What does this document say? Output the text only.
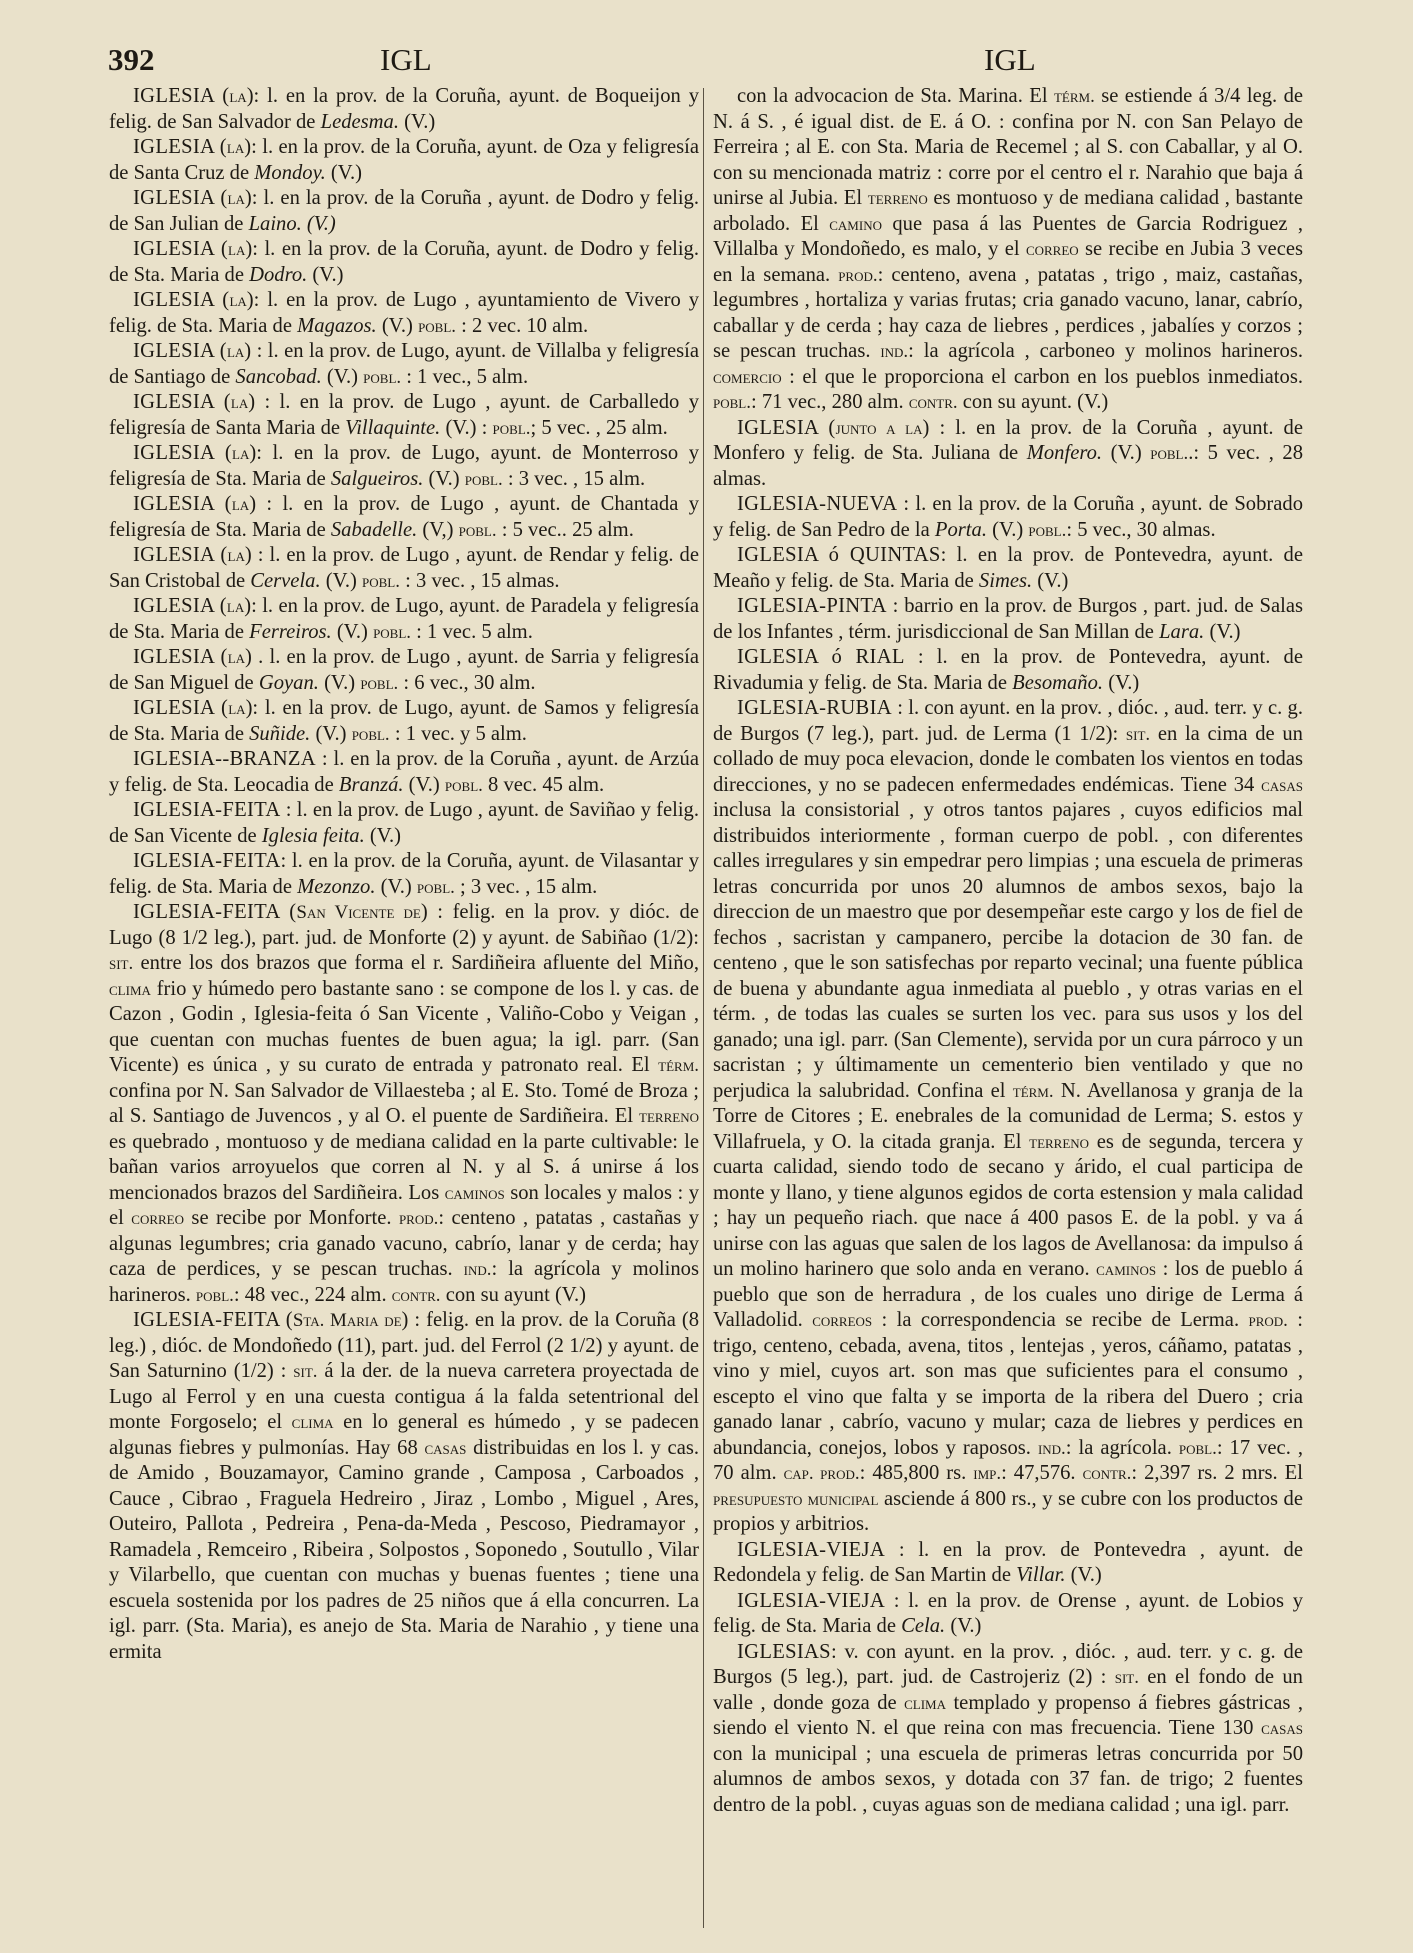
392	IGL	IGL

IGLESIA (la): l. en la prov. de la Coruña, ayunt. de Boqueijon y felig. de San Salvador de Ledesma. (V.)

IGLESIA (la): l. en la prov. de la Coruña, ayunt. de Oza y feligresía de Santa Cruz de Mondoy. (V.)

IGLESIA (la): l. en la prov. de la Coruña , ayunt. de Dodro y felig. de San Julian de Laino. (V.)

IGLESIA (la): l. en la prov. de la Coruña, ayunt. de Dodro y felig. de Sta. Maria de Dodro. (V.)

IGLESIA (la): l. en la prov. de Lugo , ayuntamiento de Vivero y felig. de Sta. Maria de Magazos. (V.) pobl. : 2 vec. 10 alm.

IGLESIA (la) : l. en la prov. de Lugo, ayunt. de Villalba y feligresía de Santiago de Sancobad. (V.) pobl. : 1 vec., 5 alm.

IGLESIA (la) : l. en la prov. de Lugo , ayunt. de Carballedo y feligresía de Santa Maria de Villaquinte. (V.) : pobl.; 5 vec. , 25 alm.

IGLESIA (la): l. en la prov. de Lugo, ayunt. de Monterroso y feligresía de Sta. Maria de Salgueiros. (V.) pobl. : 3 vec. , 15 alm.

IGLESIA (la) : l. en la prov. de Lugo , ayunt. de Chantada y feligresía de Sta. Maria de Sabadelle. (V,) pobl. : 5 vec.. 25 alm.

IGLESIA (la) : l. en la prov. de Lugo , ayunt. de Rendar y felig. de San Cristobal de Cervela. (V.) pobl. : 3 vec. , 15 almas.

IGLESIA (la): l. en la prov. de Lugo, ayunt. de Paradela y feligresía de Sta. Maria de Ferreiros. (V.) pobl. : 1 vec. 5 alm.

IGLESIA (la) . l. en la prov. de Lugo , ayunt. de Sarria y feligresía de San Miguel de Goyan. (V.) pobl. : 6 vec., 30 alm.

IGLESIA (la): l. en la prov. de Lugo, ayunt. de Samos y feligresía de Sta. Maria de Suñide. (V.) pobl. : 1 vec. y 5 alm.

IGLESIA--BRANZA : l. en la prov. de la Coruña , ayunt. de Arzúa y felig. de Sta. Leocadia de Branzá. (V.) pobl. 8 vec. 45 alm.

IGLESIA-FEITA : l. en la prov. de Lugo , ayunt. de Saviñao y felig. de San Vicente de Iglesia feita. (V.)

IGLESIA-FEITA: l. en la prov. de la Coruña, ayunt. de Vilasantar y felig. de Sta. Maria de Mezonzo. (V.) pobl. ; 3 vec. , 15 alm.

IGLESIA-FEITA (San Vicente de) : felig. en la prov. y dióc. de Lugo (8 1/2 leg.), part. jud. de Monforte (2) y ayunt. de Sabiñao (1/2): sit. entre los dos brazos que forma el r. Sardiñeira afluente del Miño, clima frio y húmedo pero bastante sano : se compone de los l. y cas. de Cazon , Godin , Iglesia-feita ó San Vicente , Valiño-Cobo y Veigan , que cuentan con muchas fuentes de buen agua; la igl. parr. (San Vicente) es única , y su curato de entrada y patronato real. El térm. confina por N. San Salvador de Villaesteba ; al E. Sto. Tomé de Broza ; al S. Santiago de Juvencos , y al O. el puente de Sardiñeira. El terreno es quebrado , montuoso y de mediana calidad en la parte cultivable: le bañan varios arroyuelos que corren al N. y al S. á unirse á los mencionados brazos del Sardiñeira. Los caminos son locales y malos : y el correo se recibe por Monforte. prod.: centeno , patatas , castañas y algunas legumbres; cria ganado vacuno, cabrío, lanar y de cerda; hay caza de perdices, y se pescan truchas. ind.: la agrícola y molinos harineros. pobl.: 48 vec., 224 alm. contr. con su ayunt (V.)

IGLESIA-FEITA (Sta. Maria de) : felig. en la prov. de la Coruña (8 leg.) , dióc. de Mondoñedo (11), part. jud. del Ferrol (2 1/2) y ayunt. de San Saturnino (1/2) : sit. á la der. de la nueva carretera proyectada de Lugo al Ferrol y en una cuesta contigua á la falda setentrional del monte Forgoselo; el clima en lo general es húmedo , y se padecen algunas fiebres y pulmonías. Hay 68 casas distribuidas en los l. y cas. de Amido , Bouzamayor, Camino grande , Camposa , Carboados , Cauce , Cibrao , Fraguela Hedreiro , Jiraz , Lombo , Miguel , Ares, Outeiro, Pallota , Pedreira , Pena-da-Meda , Pescoso, Piedramayor , Ramadela , Remceiro , Ribeira , Solpostos , Soponedo , Soutullo , Vilar y Vilarbello, que cuentan con muchas y buenas fuentes ; tiene una escuela sostenida por los padres de 25 niños que á ella concurren. La igl. parr. (Sta. Maria), es anejo de Sta. Maria de Narahio , y tiene una ermita

con la advocacion de Sta. Marina. El térm. se estiende á 3/4 leg. de N. á S. , é igual dist. de E. á O. : confina por N. con San Pelayo de Ferreira ; al E. con Sta. Maria de Recemel ; al S. con Caballar, y al O. con su mencionada matriz : corre por el centro el r. Narahio que baja á unirse al Jubia. El terreno es montuoso y de mediana calidad , bastante arbolado. El camino que pasa á las Puentes de Garcia Rodriguez , Villalba y Mondoñedo, es malo, y el correo se recibe en Jubia 3 veces en la semana. prod.: centeno, avena , patatas , trigo , maiz, castañas, legumbres , hortaliza y varias frutas; cria ganado vacuno, lanar, cabrío, caballar y de cerda ; hay caza de liebres , perdices , jabalíes y corzos ; se pescan truchas. ind.: la agrícola , carboneo y molinos harineros. comercio : el que le proporciona el carbon en los pueblos inmediatos. pobl.: 71 vec., 280 alm. contr. con su ayunt. (V.)

IGLESIA (junto a la) : l. en la prov. de la Coruña , ayunt. de Monfero y felig. de Sta. Juliana de Monfero. (V.) pobl..: 5 vec. , 28 almas.

IGLESIA-NUEVA : l. en la prov. de la Coruña , ayunt. de Sobrado y felig. de San Pedro de la Porta. (V.) pobl.: 5 vec., 30 almas.

IGLESIA ó QUINTAS: l. en la prov. de Pontevedra, ayunt. de Meaño y felig. de Sta. Maria de Simes. (V.)

IGLESIA-PINTA : barrio en la prov. de Burgos , part. jud. de Salas de los Infantes , térm. jurisdiccional de San Millan de Lara. (V.)

IGLESIA ó RIAL : l. en la prov. de Pontevedra, ayunt. de Rivadumia y felig. de Sta. Maria de Besomaño. (V.)

IGLESIA-RUBIA : l. con ayunt. en la prov. , dióc. , aud. terr. y c. g. de Burgos (7 leg.), part. jud. de Lerma (1 1/2): sit. en la cima de un collado de muy poca elevacion, donde le combaten los vientos en todas direcciones, y no se padecen enfermedades endémicas. Tiene 34 casas inclusa la consistorial , y otros tantos pajares , cuyos edificios mal distribuidos interiormente , forman cuerpo de pobl. , con diferentes calles irregulares y sin empedrar pero limpias ; una escuela de primeras letras concurrida por unos 20 alumnos de ambos sexos, bajo la direccion de un maestro que por desempeñar este cargo y los de fiel de fechos , sacristan y campanero, percibe la dotacion de 30 fan. de centeno , que le son satisfechas por reparto vecinal; una fuente pública de buena y abundante agua inmediata al pueblo , y otras varias en el térm. , de todas las cuales se surten los vec. para sus usos y los del ganado; una igl. parr. (San Clemente), servida por un cura párroco y un sacristan ; y últimamente un cementerio bien ventilado y que no perjudica la salubridad. Confina el térm. N. Avellanosa y granja de la Torre de Citores ; E. enebrales de la comunidad de Lerma; S. estos y Villafruela, y O. la citada granja. El terreno es de segunda, tercera y cuarta calidad, siendo todo de secano y árido, el cual participa de monte y llano, y tiene algunos egidos de corta estension y mala calidad ; hay un pequeño riach. que nace á 400 pasos E. de la pobl. y va á unirse con las aguas que salen de los lagos de Avellanosa: da impulso á un molino harinero que solo anda en verano. caminos : los de pueblo á pueblo que son de herradura , de los cuales uno dirige de Lerma á Valladolid. correos : la correspondencia se recibe de Lerma. prod. : trigo, centeno, cebada, avena, titos , lentejas , yeros, cáñamo, patatas , vino y miel, cuyos art. son mas que suficientes para el consumo , escepto el vino que falta y se importa de la ribera del Duero ; cria ganado lanar , cabrío, vacuno y mular; caza de liebres y perdices en abundancia, conejos, lobos y raposos. ind.: la agrícola. pobl.: 17 vec. , 70 alm. cap. prod.: 485,800 rs. imp.: 47,576. contr.: 2,397 rs. 2 mrs. El presupuesto municipal asciende á 800 rs., y se cubre con los productos de propios y arbitrios.

IGLESIA-VIEJA : l. en la prov. de Pontevedra , ayunt. de Redondela y felig. de San Martin de Villar. (V.)

IGLESIA-VIEJA : l. en la prov. de Orense , ayunt. de Lobios y felig. de Sta. Maria de Cela. (V.)

IGLESIAS: v. con ayunt. en la prov. , dióc. , aud. terr. y c. g. de Burgos (5 leg.), part. jud. de Castrojeriz (2) : sit. en el fondo de un valle , donde goza de clima templado y propenso á fiebres gástricas , siendo el viento N. el que reina con mas frecuencia. Tiene 130 casas con la municipal ; una escuela de primeras letras concurrida por 50 alumnos de ambos sexos, y dotada con 37 fan. de trigo; 2 fuentes dentro de la pobl. , cuyas aguas son de mediana calidad ; una igl. parr.
